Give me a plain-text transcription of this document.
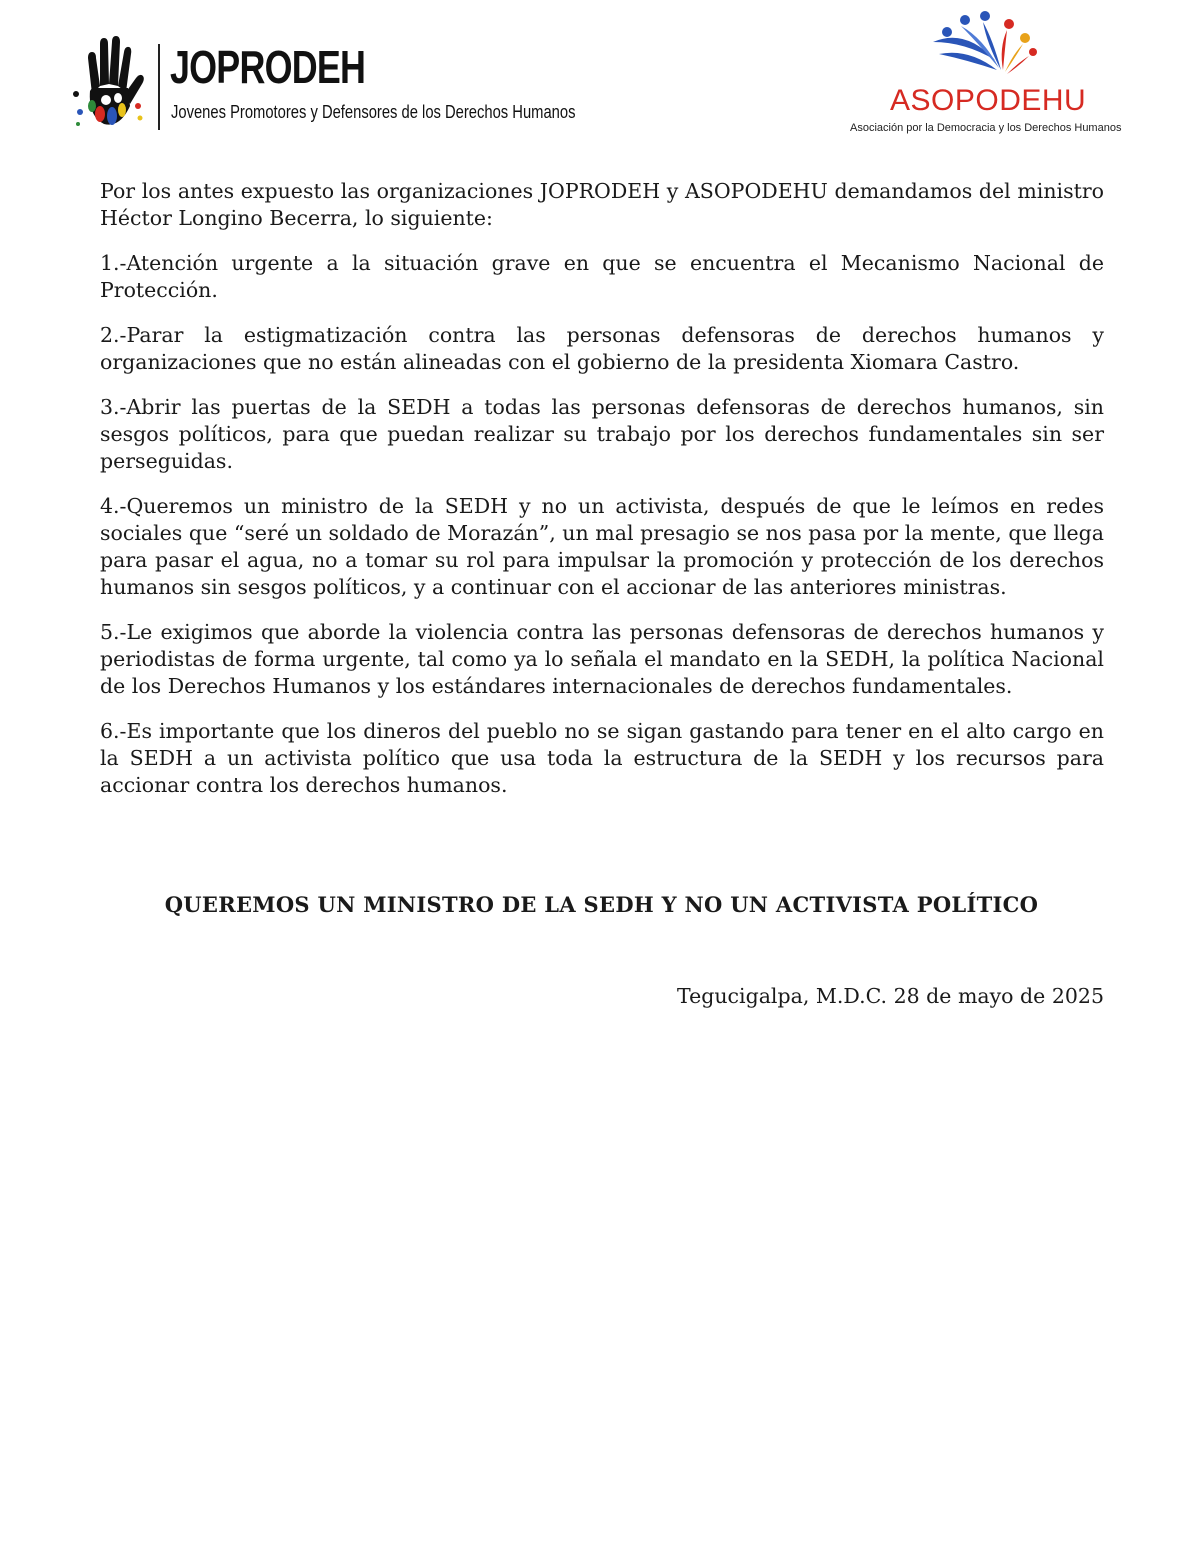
JOPRODEH
Jovenes Promotores y Defensores de los Derechos Humanos	ASOPODEHU
Asociación por la Democracia y los Derechos Humanos

Por los antes expuesto las organizaciones JOPRODEH y ASOPODEHU demandamos del ministro Héctor Longino Becerra, lo siguiente:

1.-Atención urgente a la situación grave en que se encuentra el Mecanismo Nacional de Protección.

2.-Parar la estigmatización contra las personas defensoras de derechos humanos y organizaciones que no están alineadas con el gobierno de la presidenta Xiomara Castro.

3.-Abrir las puertas de la SEDH a todas las personas defensoras de derechos humanos, sin sesgos políticos, para que puedan realizar su trabajo por los derechos fundamentales sin ser perseguidas.

4.-Queremos un ministro de la SEDH y no un activista, después de que le leímos en redes sociales que “seré un soldado de Morazán”, un mal presagio se nos pasa por la mente, que llega para pasar el agua, no a tomar su rol para impulsar la promoción y protección de los derechos humanos sin sesgos políticos, y a continuar con el accionar de las anteriores ministras.

5.-Le exigimos que aborde la violencia contra las personas defensoras de derechos humanos y periodistas de forma urgente, tal como ya lo señala el mandato en la SEDH, la política Nacional de los Derechos Humanos y los estándares internacionales de derechos fundamentales.

6.-Es importante que los dineros del pueblo no se sigan gastando para tener en el alto cargo en la SEDH a un activista político que usa toda la estructura de la SEDH y los recursos para accionar contra los derechos humanos.

QUEREMOS UN MINISTRO DE LA SEDH Y NO UN ACTIVISTA POLÍTICO
Tegucigalpa, M.D.C. 28 de mayo de 2025
